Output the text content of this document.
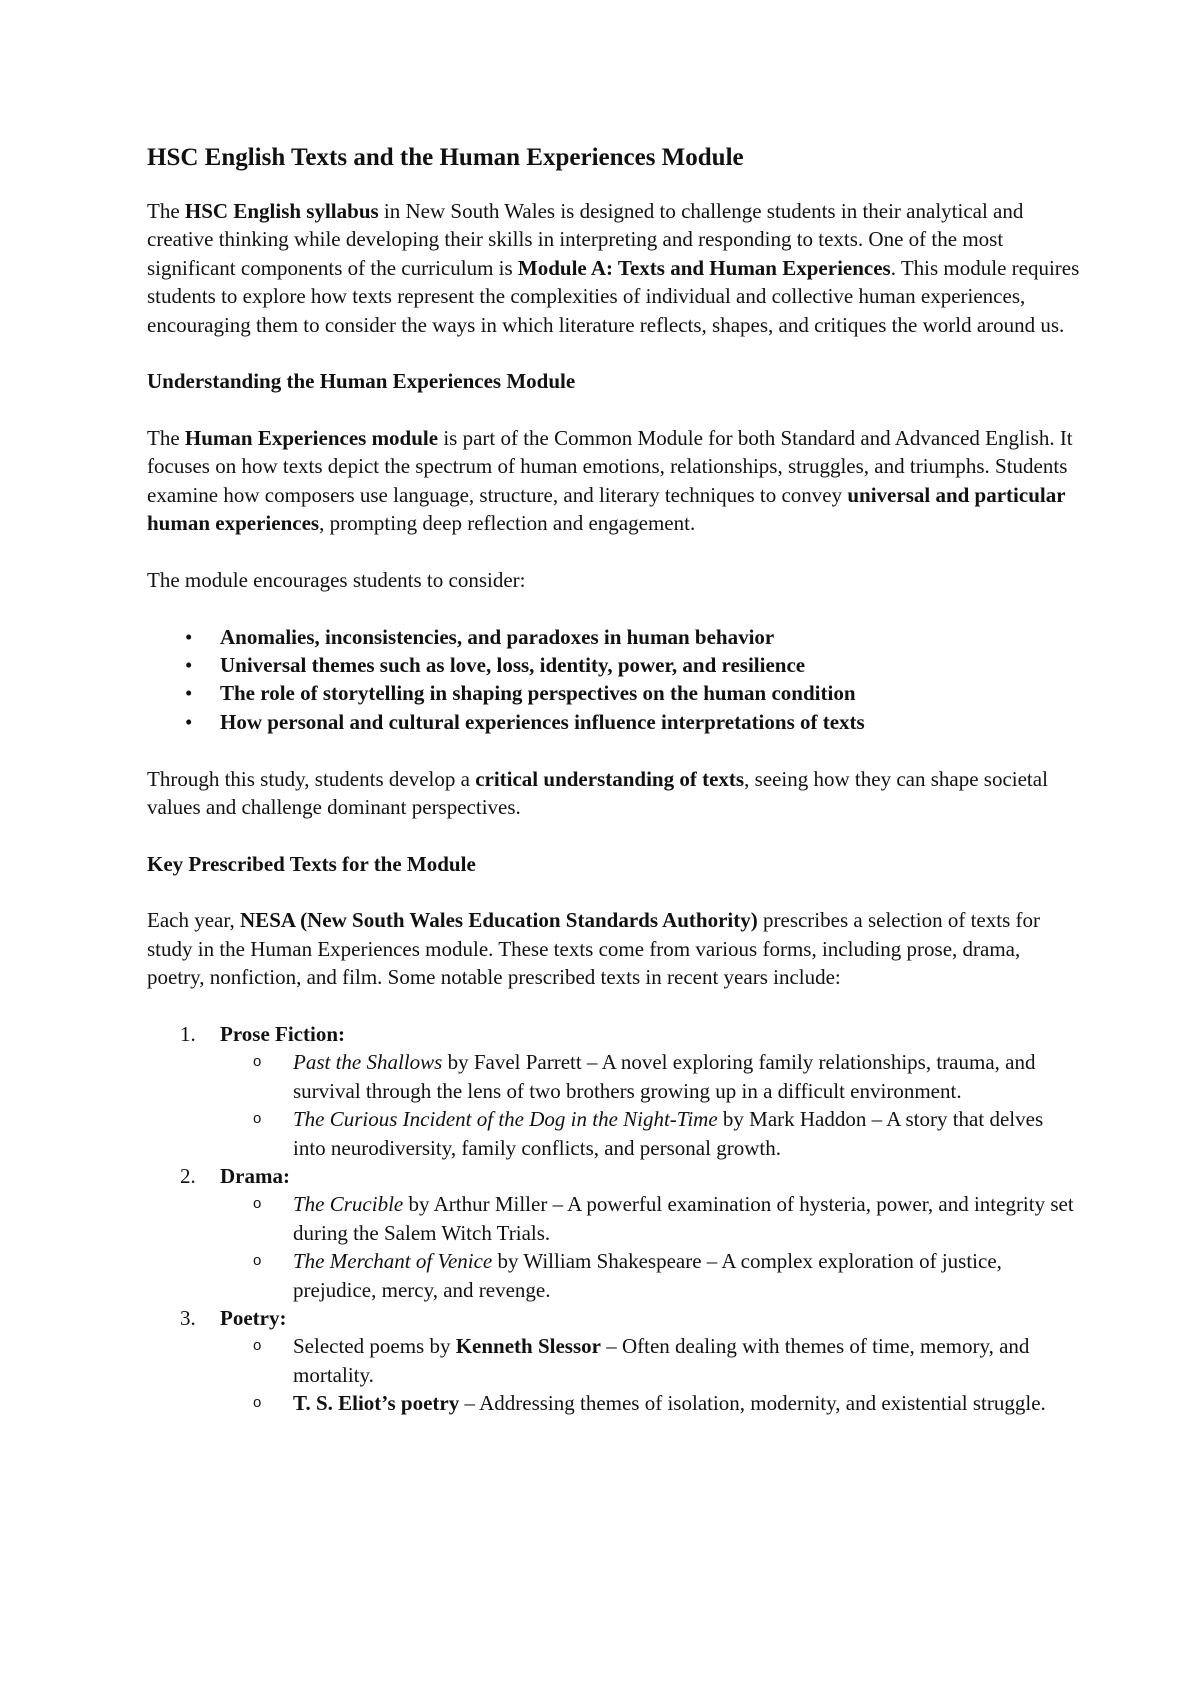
HSC English Texts and the Human Experiences Module

The HSC English syllabus in New South Wales is designed to challenge students in their analytical and creative thinking while developing their skills in interpreting and responding to texts. One of the most significant components of the curriculum is Module A: Texts and Human Experiences. This module requires students to explore how texts represent the complexities of individual and collective human experiences, encouraging them to consider the ways in which literature reflects, shapes, and critiques the world around us.

Understanding the Human Experiences Module

The Human Experiences module is part of the Common Module for both Standard and Advanced English. It focuses on how texts depict the spectrum of human emotions, relationships, struggles, and triumphs. Students examine how composers use language, structure, and literary techniques to convey universal and particular human experiences, prompting deep reflection and engagement.

The module encourages students to consider:

• Anomalies, inconsistencies, and paradoxes in human behavior
• Universal themes such as love, loss, identity, power, and resilience
• The role of storytelling in shaping perspectives on the human condition
• How personal and cultural experiences influence interpretations of texts

Through this study, students develop a critical understanding of texts, seeing how they can shape societal values and challenge dominant perspectives.

Key Prescribed Texts for the Module

Each year, NESA (New South Wales Education Standards Authority) prescribes a selection of texts for study in the Human Experiences module. These texts come from various forms, including prose, drama, poetry, nonfiction, and film. Some notable prescribed texts in recent years include:

1. Prose Fiction:
o Past the Shallows by Favel Parrett – A novel exploring family relationships, trauma, and survival through the lens of two brothers growing up in a difficult environment.
o The Curious Incident of the Dog in the Night-Time by Mark Haddon – A story that delves into neurodiversity, family conflicts, and personal growth.
2. Drama:
o The Crucible by Arthur Miller – A powerful examination of hysteria, power, and integrity set during the Salem Witch Trials.
o The Merchant of Venice by William Shakespeare – A complex exploration of justice, prejudice, mercy, and revenge.
3. Poetry:
o Selected poems by Kenneth Slessor – Often dealing with themes of time, memory, and mortality.
o T. S. Eliot’s poetry – Addressing themes of isolation, modernity, and existential struggle.
